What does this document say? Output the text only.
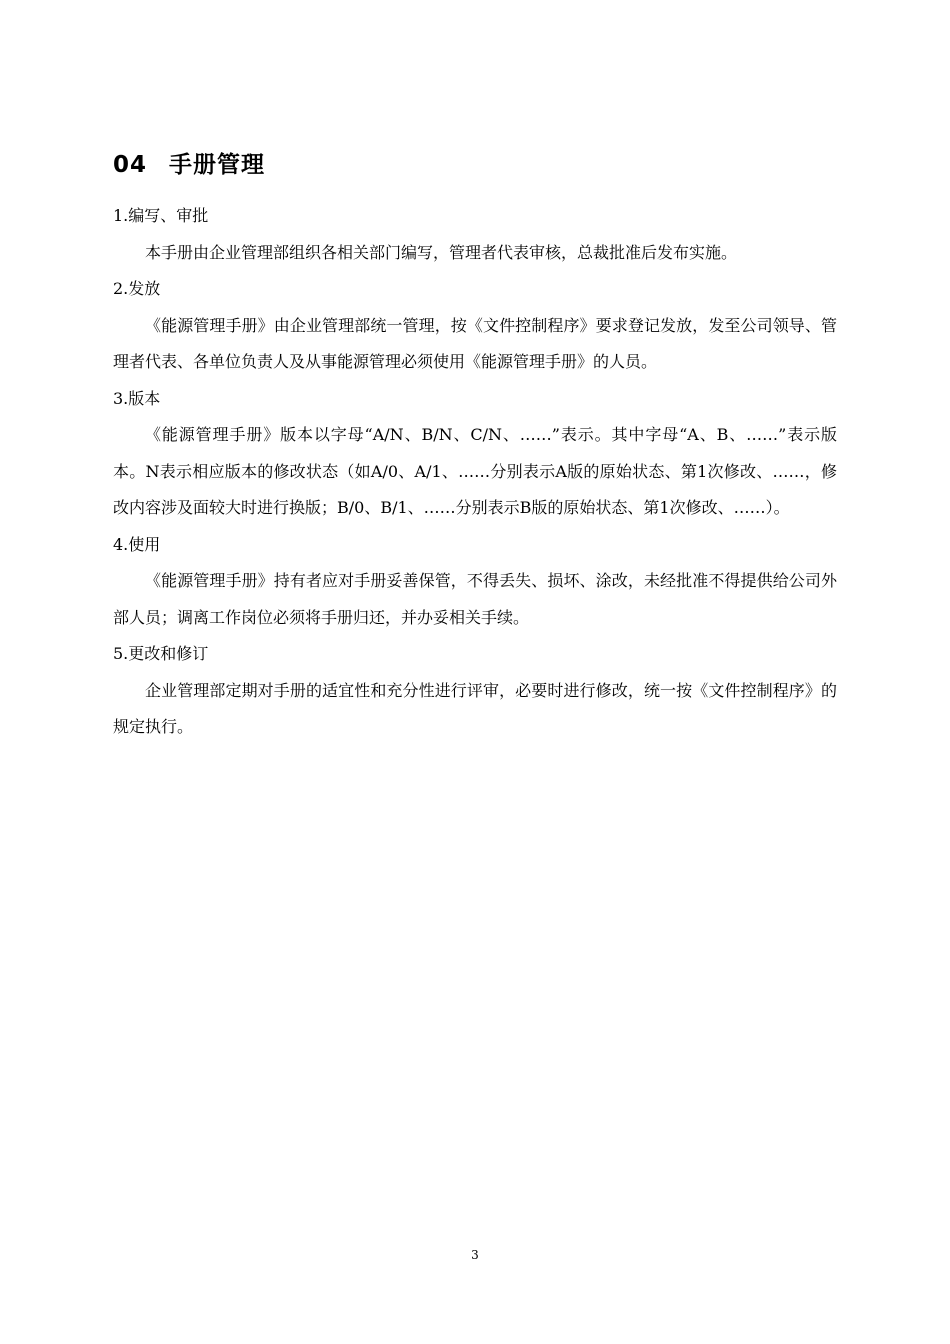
04 手册管理

1.编写、审批

本手册由企业管理部组织各相关部门编写，管理者代表审核，总裁批准后发布实施。

2.发放

《能源管理手册》由企业管理部统一管理，按《文件控制程序》要求登记发放，发至公司领导、管理者代表、各单位负责人及从事能源管理必须使用《能源管理手册》的人员。

3.版本

《能源管理手册》版本以字母“A/N、B/N、C/N、……”表示。其中字母“A、B、……”表示版本。N表示相应版本的修改状态（如A/0、A/1、……分别表示A版的原始状态、第1次修改、……，修改内容涉及面较大时进行换版；B/0、B/1、……分别表示B版的原始状态、第1次修改、……）。

4.使用

《能源管理手册》持有者应对手册妥善保管，不得丢失、损坏、涂改，未经批准不得提供给公司外部人员；调离工作岗位必须将手册归还，并办妥相关手续。

5.更改和修订

企业管理部定期对手册的适宜性和充分性进行评审，必要时进行修改，统一按《文件控制程序》的规定执行。

3
